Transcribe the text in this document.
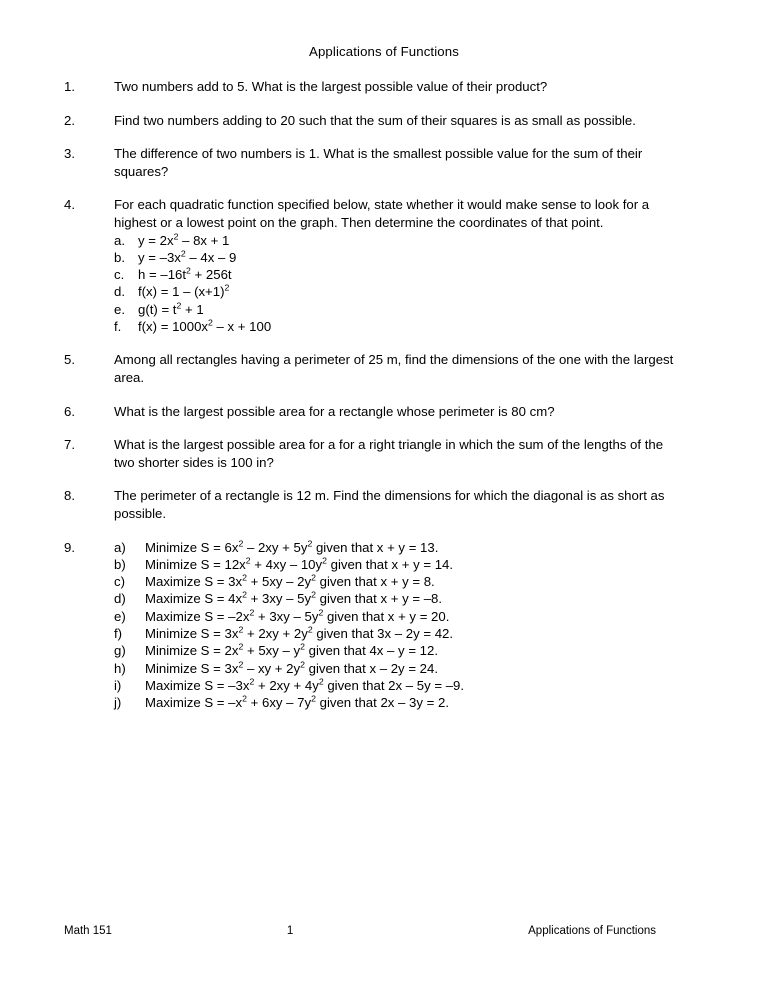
Applications of Functions
1.	Two numbers add to 5. What is the largest possible value of their product?

2.	Find two numbers adding to 20 such that the sum of their squares is as small as possible.

3.	The difference of two numbers is 1. What is the smallest possible value for the sum of their squares?

4.	For each quadratic function specified below, state whether it would make sense to look for a highest or a lowest point on the graph. Then determine the coordinates of that point.

a. $y = 2x^2 - 8x + 1$
b. $y = -3x^2 - 4x - 9$
c.	$h = -16t^2 + 256t$
d. $f(x) = 1 - (x+1)^2$
e. $g(t) = t^2 + 1$
f.	$f(x) = 1000x^2 - x + 100$
5.	Among all rectangles having a perimeter of 25 m, find the dimensions of the one with the largest area.

6.	What is the largest possible area for a rectangle whose perimeter is 80 cm?

7.	What is the largest possible area for a for a right triangle in which the sum of the lengths of the two shorter sides is 100 in?

8.	The perimeter of a rectangle is 12 m. Find the dimensions for which the diagonal is as short as possible.

9.	a)	Minimize $S = 6x^2 - 2xy + 5y^2$ given that x + y = 13.
b)	Minimize $S = 12x^2 + 4xy - 10y^2$ given that x + y = 14.
c)	Maximize $S = 3x^2 + 5xy - 2y^2$ given that x + y = 8.
d)	Maximize $S = 4x^2 + 3xy - 5y^2$ given that x + y = –8.
e)	Maximize $S = -2x^2 + 3xy - 5y^2$ given that x + y = 20.
f)	Minimize $S = 3x^2 + 2xy + 2y^2$ given that 3x – 2y = 42.
g)	Minimize $S = 2x^2 + 5xy - y^2$ given that 4x – y = 12.
h)	Minimize $S = 3x^2$ – xy + $2y^2$ given that x – 2y = 24.
i)	Maximize $S = -3x^2 + 2xy + 4y^2$ given that 2x – 5y = –9.
j)	Maximize $S = -x^2 + 6xy - 7y^2$ given that 2x – 3y = 2.
Math 151	1	Applications of Functions
